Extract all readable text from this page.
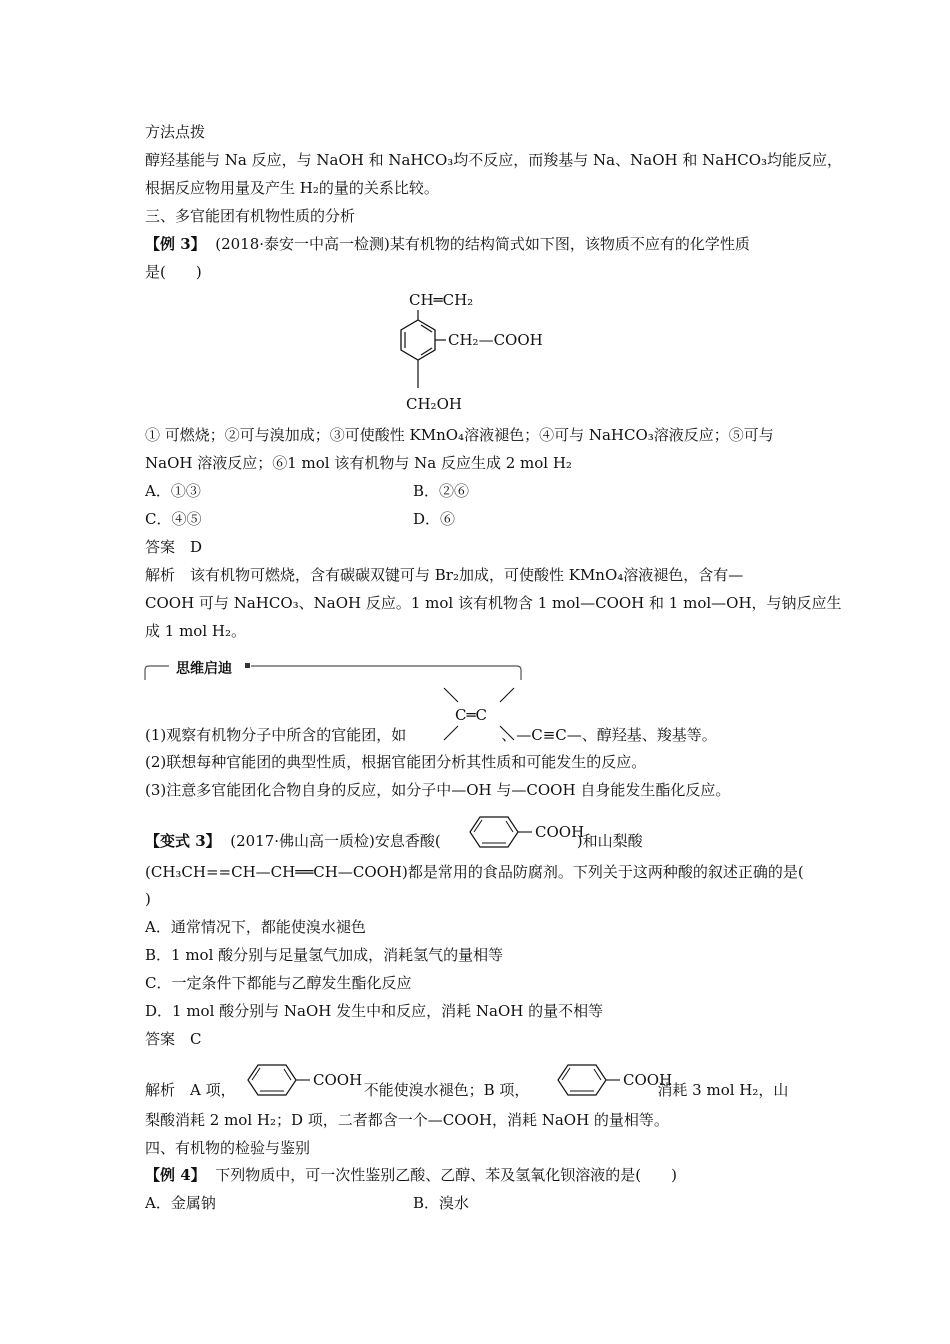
方法点拨
醇羟基能与 Na 反应，与 NaOH 和 NaHCO₃均不反应，而羧基与 Na、NaOH 和 NaHCO₃均能反应，
根据反应物用量及产生 H₂的量的关系比较。
三、多官能团有机物性质的分析
【例 3】 (2018·泰安一中高一检测)某有机物的结构简式如下图，该物质不应有的化学性质
是(　　)
CH═CH₂
CH₂—COOH
CH₂OH
① 可燃烧；②可与溴加成；③可使酸性 KMnO₄溶液褪色；④可与 NaHCO₃溶液反应；⑤可与
NaOH 溶液反应；⑥1 mol 该有机物与 Na 反应生成 2 mol H₂
A．①③	B．②⑥
C．④⑤	D．⑥
答案　D
解析　该有机物可燃烧，含有碳碳双键可与 Br₂加成，可使酸性 KMnO₄溶液褪色，含有—
COOH 可与 NaHCO₃、NaOH 反应。1 mol 该有机物含 1 mol—COOH 和 1 mol—OH，与钠反应生
成 1 mol H₂。
思维启迪
C═C
(1)观察有机物分子中所含的官能团，如	、—C≡C—、醇羟基、羧基等。
(2)联想每种官能团的典型性质，根据官能团分析其性质和可能发生的反应。
(3)注意多官能团化合物自身的反应，如分子中—OH 与—COOH 自身能发生酯化反应。
【变式 3】 (2017·佛山高一质检)安息香酸(	)和山梨酸
COOH
(CH₃CH==CH—CH══CH—COOH)都是常用的食品防腐剂。下列关于这两种酸的叙述正确的是(
)
A．通常情况下，都能使溴水褪色
B．1 mol 酸分别与足量氢气加成，消耗氢气的量相等
C．一定条件下都能与乙醇发生酯化反应
D．1 mol 酸分别与 NaOH 发生中和反应，消耗 NaOH 的量不相等
答案　C
解析　A 项，	不能使溴水褪色；B 项，	消耗 3 mol H₂，山
COOH	COOH
梨酸消耗 2 mol H₂；D 项，二者都含一个—COOH，消耗 NaOH 的量相等。
四、有机物的检验与鉴别
【例 4】 下列物质中，可一次性鉴别乙酸、乙醇、苯及氢氧化钡溶液的是(　　)
A．金属钠	B．溴水
